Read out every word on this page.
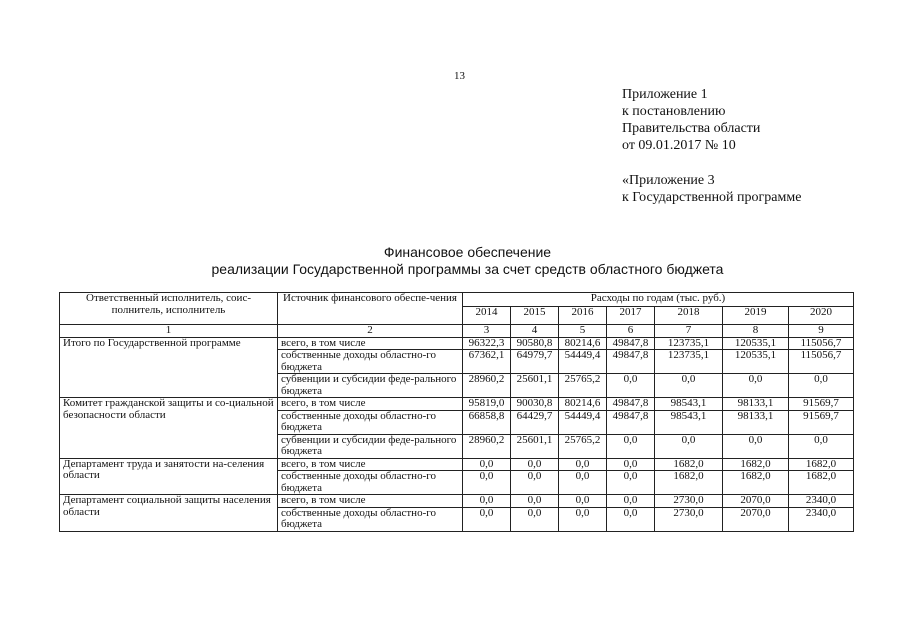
13
Приложение 1
к постановлению
Правительства области
от 09.01.2017 № 10
«Приложение 3
к Государственной программе
Финансовое обеспечение
реализации Государственной программы за счет средств областного бюджета
Ответственный исполнитель, соис-полнитель, исполнитель	Источник финансового обеспе-чения	Расходы по годам (тыс. руб.)						
		2014	2015	2016	2017	2018	2019	2020
1	2	3	4	5	6	7	8	9
Итого по Государственной программе	всего, в том числе	96322,3	90580,8	80214,6	49847,8	123735,1	120535,1	115056,7
	собственные доходы областно-го бюджета	67362,1	64979,7	54449,4	49847,8	123735,1	120535,1	115056,7
	субвенции и субсидии феде-рального бюджета	28960,2	25601,1	25765,2	0,0	0,0	0,0	0,0
Комитет гражданской защиты и со-циальной безопасности области	всего, в том числе	95819,0	90030,8	80214,6	49847,8	98543,1	98133,1	91569,7
	собственные доходы областно-го бюджета	66858,8	64429,7	54449,4	49847,8	98543,1	98133,1	91569,7
	субвенции и субсидии феде-рального бюджета	28960,2	25601,1	25765,2	0,0	0,0	0,0	0,0
Департамент труда и занятости на-селения области	всего, в том числе	0,0	0,0	0,0	0,0	1682,0	1682,0	1682,0
	собственные доходы областно-го бюджета	0,0	0,0	0,0	0,0	1682,0	1682,0	1682,0
Департамент социальной защиты населения области	всего, в том числе	0,0	0,0	0,0	0,0	2730,0	2070,0	2340,0
	собственные доходы областно-го бюджета	0,0	0,0	0,0	0,0	2730,0	2070,0	2340,0
